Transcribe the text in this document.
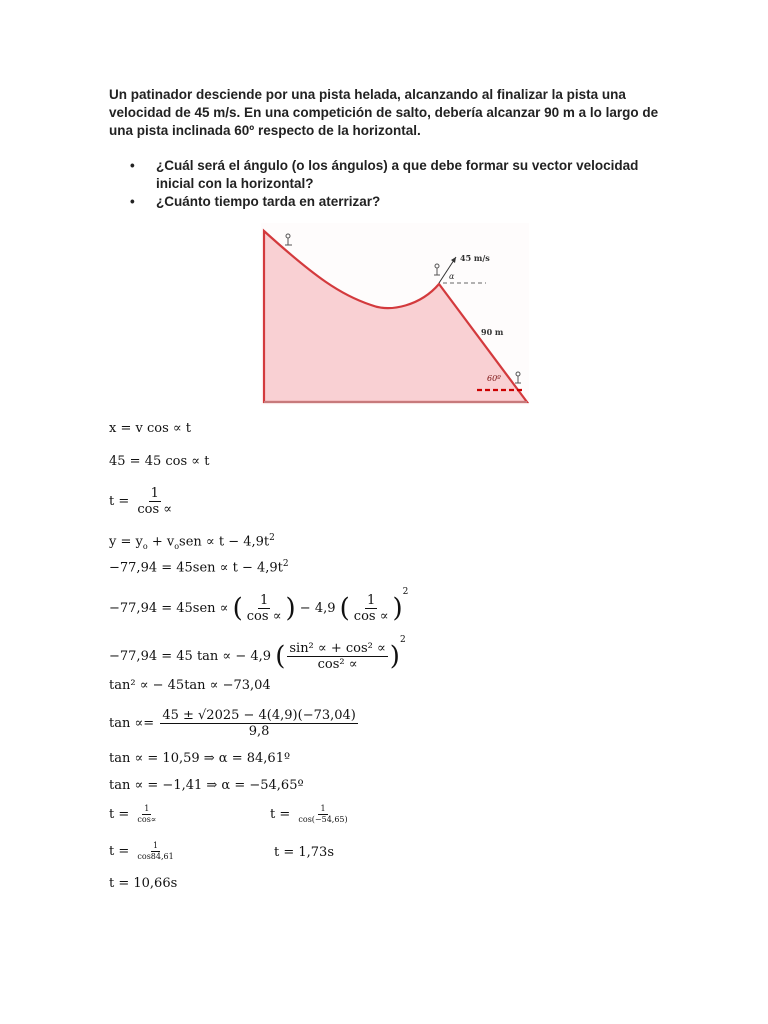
Un patinador desciende por una pista helada, alcanzando al finalizar la pista una velocidad de 45 m/s. En una competición de salto, debería alcanzar 90 m a lo largo de una pista inclinada 60º respecto de la horizontal.
• ¿Cuál será el ángulo (o los ángulos) a que debe formar su vector velocidad inicial con la horizontal?
• ¿Cuánto tiempo tarda en aterrizar?
45 m/s
α
90 m
60º
x = v cos ∝ t
45 = 45 cos ∝ t
$t = \frac{1}{\cos \propto}$
$y = y_o + v_osen \propto t - 4,9t^2$
$-77,94 = 45sen \propto t - 4,9t^2$
−77,94 = 45sen ∝ ( $\frac{1}{\cos \propto}$ ) − 4,9 ( $\frac{1}{\cos \propto} )^2$
−77,94 = 45 tan ∝ − 4,9 ( $\frac{\text{sin² ∝ + cos² ∝}}{\text{cos² ∝}} )^2$
tan² ∝ − 45tan ∝ −73,04
$\tan \propto= \frac{45 \pm √2025 - 4(4,9)(-73,04)}{9,8}$
tan ∝ = 10,59 ⇒ α = 84,61º
tan ∝ = −1,41 ⇒ α = −54,65º
$t = \frac{1}{\cos\propto}$	$t = \frac{1}{\cos(-54,65)}$
$t = \frac{1}{\cos 84,61}$	t = 1,73s
t = 10,66s
